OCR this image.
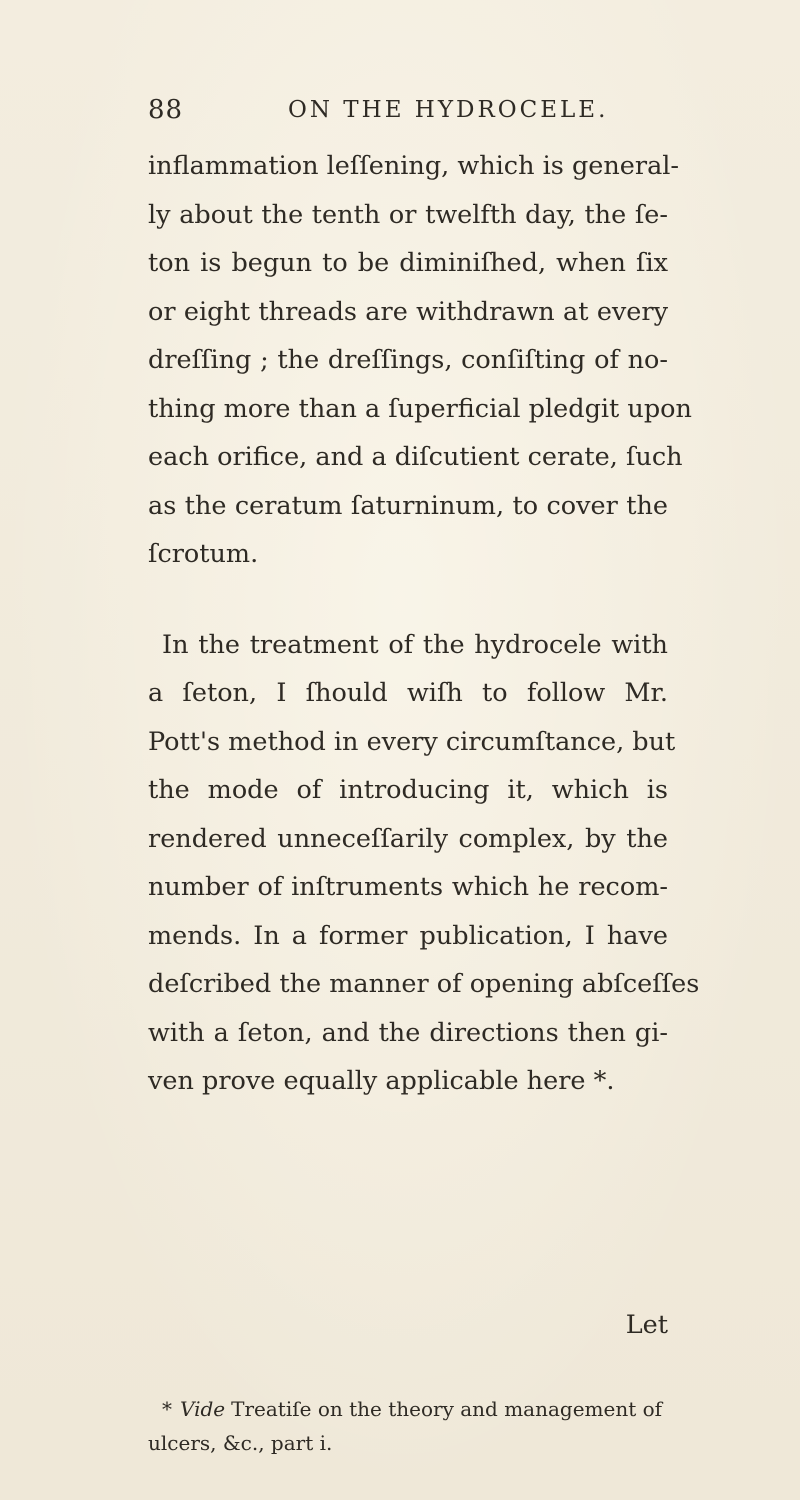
88	ON THE HYDROCELE.
inflammation leſſening, which is general-
ly about the tenth or twelfth day, the ſe-
ton is begun to be diminiſhed, when ſix
or eight threads are withdrawn at every
dreſſing ; the dreſſings, conſiſting of no-
thing more than a ſuperficial pledgit upon
each orifice, and a diſcutient cerate, ſuch
as the ceratum ſaturninum, to cover the
ſcrotum.
In the treatment of the hydrocele with
a ſeton, I ſhould wiſh to follow Mr.
Pott's method in every circumſtance, but
the mode of introducing it, which is
rendered unneceſſarily complex, by the
number of inſtruments which he recom-
mends. In a former publication, I have
deſcribed the manner of opening abſceſſes
with a ſeton, and the directions then gi-
ven prove equally applicable here *.
Let
* Vide Treatiſe on the theory and management of
ulcers, &c., part i.
